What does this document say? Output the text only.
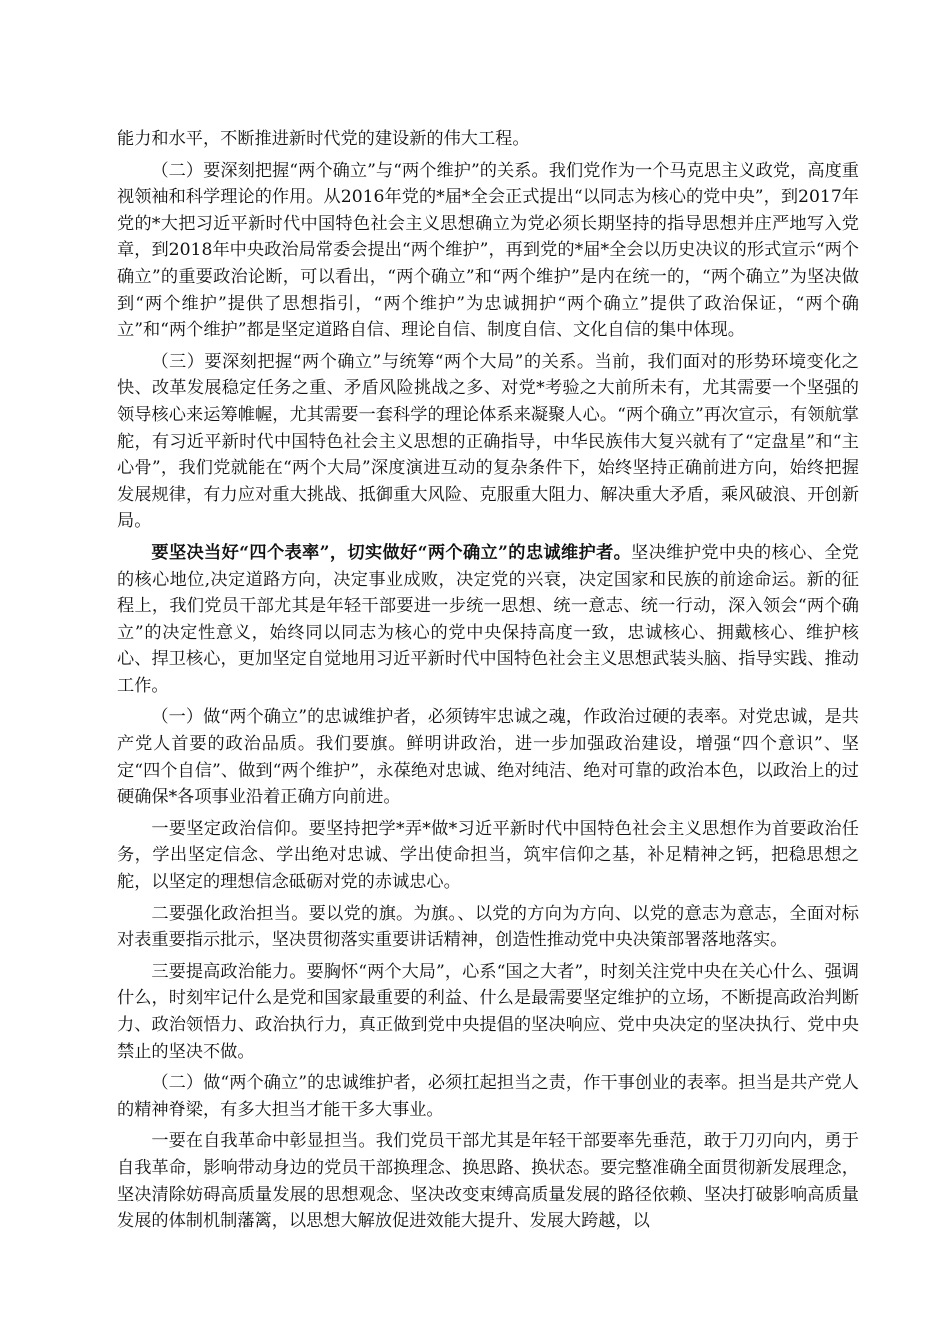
能力和水平，不断推进新时代党的建设新的伟大工程。

（二）要深刻把握“两个确立”与“两个维护”的关系。我们党作为一个马克思主义政党，高度重视领袖和科学理论的作用。从2016年党的*届*全会正式提出“以同志为核心的党中央”，到2017年党的*大把习近平新时代中国特色社会主义思想确立为党必须长期坚持的指导思想并庄严地写入党章，到2018年中央政治局常委会提出“两个维护”，再到党的*届*全会以历史决议的形式宣示“两个确立”的重要政治论断，可以看出，“两个确立”和“两个维护”是内在统一的，“两个确立”为坚决做到“两个维护”提供了思想指引，“两个维护”为忠诚拥护“两个确立”提供了政治保证，“两个确立”和“两个维护”都是坚定道路自信、理论自信、制度自信、文化自信的集中体现。

（三）要深刻把握“两个确立”与统筹“两个大局”的关系。当前，我们面对的形势环境变化之快、改革发展稳定任务之重、矛盾风险挑战之多、对党*考验之大前所未有，尤其需要一个坚强的领导核心来运筹帷幄，尤其需要一套科学的理论体系来凝聚人心。“两个确立”再次宣示，有领航掌舵，有习近平新时代中国特色社会主义思想的正确指导，中华民族伟大复兴就有了“定盘星”和“主心骨”，我们党就能在“两个大局”深度演进互动的复杂条件下，始终坚持正确前进方向，始终把握发展规律，有力应对重大挑战、抵御重大风险、克服重大阻力、解决重大矛盾，乘风破浪、开创新局。

要坚决当好“四个表率”，切实做好“两个确立”的忠诚维护者。坚决维护党中央的核心、全党的核心地位,决定道路方向，决定事业成败，决定党的兴衰，决定国家和民族的前途命运。新的征程上，我们党员干部尤其是年轻干部要进一步统一思想、统一意志、统一行动，深入领会“两个确立”的决定性意义，始终同以同志为核心的党中央保持高度一致，忠诚核心、拥戴核心、维护核心、捍卫核心，更加坚定自觉地用习近平新时代中国特色社会主义思想武装头脑、指导实践、推动工作。

（一）做“两个确立”的忠诚维护者，必须铸牢忠诚之魂，作政治过硬的表率。对党忠诚，是共产党人首要的政治品质。我们要旗。鲜明讲政治，进一步加强政治建设，增强“四个意识”、坚定“四个自信”、做到“两个维护”，永葆绝对忠诚、绝对纯洁、绝对可靠的政治本色，以政治上的过硬确保*各项事业沿着正确方向前进。

一要坚定政治信仰。要坚持把学*弄*做*习近平新时代中国特色社会主义思想作为首要政治任务，学出坚定信念、学出绝对忠诚、学出使命担当，筑牢信仰之基，补足精神之钙，把稳思想之舵，以坚定的理想信念砥砺对党的赤诚忠心。

二要强化政治担当。要以党的旗。为旗。、以党的方向为方向、以党的意志为意志，全面对标对表重要指示批示，坚决贯彻落实重要讲话精神，创造性推动党中央决策部署落地落实。

三要提高政治能力。要胸怀“两个大局”，心系“国之大者”，时刻关注党中央在关心什么、强调什么，时刻牢记什么是党和国家最重要的利益、什么是最需要坚定维护的立场，不断提高政治判断力、政治领悟力、政治执行力，真正做到党中央提倡的坚决响应、党中央决定的坚决执行、党中央禁止的坚决不做。

（二）做“两个确立”的忠诚维护者，必须扛起担当之责，作干事创业的表率。担当是共产党人的精神脊梁，有多大担当才能干多大事业。

一要在自我革命中彰显担当。我们党员干部尤其是年轻干部要率先垂范，敢于刀刃向内，勇于自我革命，影响带动身边的党员干部换理念、换思路、换状态。要完整准确全面贯彻新发展理念，坚决清除妨碍高质量发展的思想观念、坚决改变束缚高质量发展的路径依赖、坚决打破影响高质量发展的体制机制藩篱，以思想大解放促进效能大提升、发展大跨越，以
